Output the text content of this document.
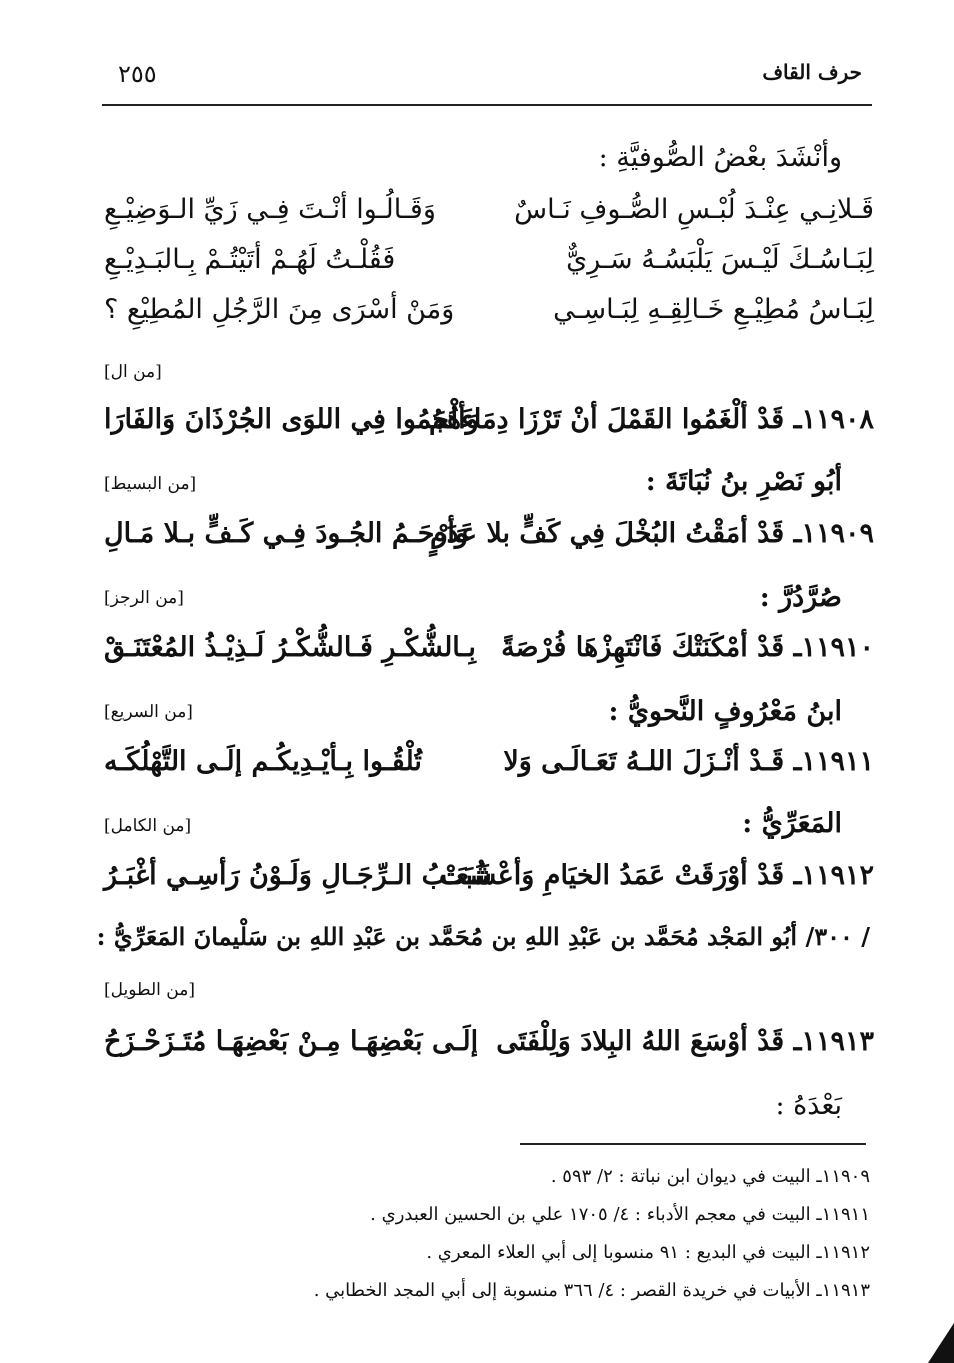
حرف القاف
٢٥٥
وأنْشَدَ بعْضُ الصُّوفيَّةِ :
قَـلانِـي عِنْـدَ لُبْـسِ الصُّـوفِ نَـاسٌ
وَقَـالُـوا أنْـتَ فِـي زَيِّ الـوَضِيْـعِ
لِبَـاسُـكَ لَيْـسَ يَلْبَسُـهُ سَـرِيٌّ
فَقُلْـتُ لَهُـمْ أتَيْتُـمْ بِـالبَـدِيْـعِ
لِبَـاسُ مُطِيْـعِ خَـالِقِـهِ لِبَـاسِـي
وَمَنْ أسْرَى مِنَ الرَّجُلِ المُطِيْعِ ؟
[من ال]
١١٩٠٨ـ قَدْ ألْغَمُوا القَمْلَ أنْ تَرْزَا دِمَاءَهُمُ
وَألْجَمُوا فِي اللوَى الجُرْذَانَ وَالفَارَا
أبُو نَصْرِ بنُ نُبَاتَةَ :
[من البسيط]
١١٩٠٩ـ قَدْ أمَقْتُ البُخْلَ فِي كَفٍّ بلا عَدَمٍ
وَأرْحَـمُ الجُـودَ فِـي كَـفٍّ بـلا مَـالِ
صُرَّدُرَّ :
[من الرجز]
١١٩١٠ـ قَدْ أمْكَنَتْكَ فَانْتَهِزْهَا فُرْصَةً
بِـالشُّكْـرِ فَـالشُّكْـرُ لَـذِيْـذُ المُعْتَنَـقْ
ابنُ مَعْرُوفٍ النَّحويُّ :
[من السريع]
١١٩١١ـ قَـدْ أنْـزَلَ اللـهُ تَعَـالَـى وَلا
تُلْقُـوا بِـأيْـدِيكُـم إلَـى التَّهْلُكَـه
المَعَرِّيُّ :
[من الكامل]
١١٩١٢ـ قَدْ أوْرَقَتْ عَمَدُ الخيَامِ وَأعْشَبَتْ
شُعَـبُ الـرِّجَـالِ وَلَـوْنُ رَأسِـي أغْبَـرُ
/ ٣٠٠/ أبُو المَجْد مُحَمَّد بن عَبْدِ اللهِ بن مُحَمَّد بن عَبْدِ اللهِ بن سَلْيمانَ المَعَرِّيُّ :
[من الطويل]
١١٩١٣ـ قَدْ أوْسَعَ اللهُ البِلادَ وَلِلْفَتَى
إلَـى بَعْضِهَـا مِـنْ بَعْضِهَـا مُتَـزَحْـزَحُ
بَعْدَهُ :
١١٩٠٩ـ البيت في ديوان ابن نباتة : ٢/ ٥٩٣ .
١١٩١١ـ البيت في معجم الأدباء : ٤/ ١٧٠٥ علي بن الحسين العبدري .
١١٩١٢ـ البيت في البديع : ٩١ منسوبا إلى أبي العلاء المعري .
١١٩١٣ـ الأبيات في خريدة القصر : ٤/ ٣٦٦ منسوبة إلى أبي المجد الخطابي .
